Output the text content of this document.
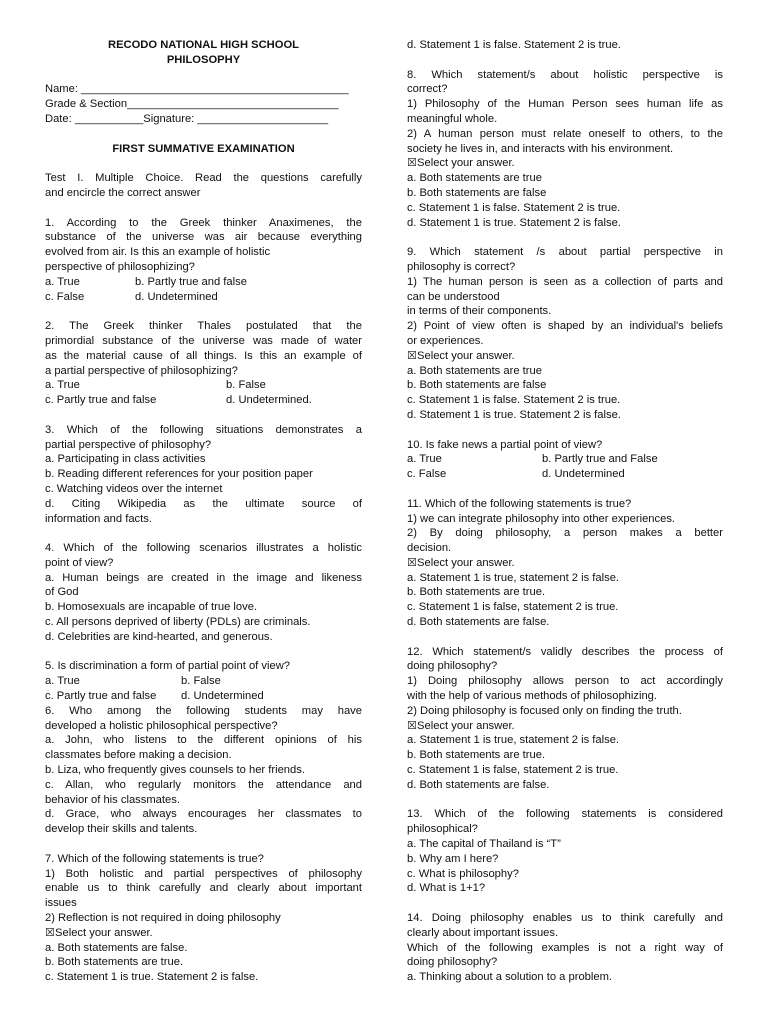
RECODO NATIONAL HIGH SCHOOL
PHILOSOPHY
Name: ___________________________________________
Grade & Section__________________________________
Date: ___________Signature: _____________________
FIRST SUMMATIVE EXAMINATION
Test I. Multiple Choice. Read the questions carefully
and encircle the correct answer
1. According to the Greek thinker Anaximenes, the
substance of the universe was air because everything
evolved from air. Is this an example of holistic
perspective of philosophizing?
a. True	b. Partly true and false
c. False	d. Undetermined
2. The Greek thinker Thales postulated that the
primordial substance of the universe was made of water
as the material cause of all things. Is this an example of
a partial perspective of philosophizing?
a. True	b. False
c. Partly true and false	d. Undetermined.
3. Which of the following situations demonstrates a
partial perspective of philosophy?
a. Participating in class activities
b. Reading different references for your position paper
c. Watching videos over the internet
d. Citing Wikipedia as the ultimate source of
information and facts.
4. Which of the following scenarios illustrates a holistic
point of view?
a. Human beings are created in the image and likeness
of God
b. Homosexuals are incapable of true love.
c. All persons deprived of liberty (PDLs) are criminals.
d. Celebrities are kind-hearted, and generous.
5. Is discrimination a form of partial point of view?
a. True	b. False
c. Partly true and false	d. Undetermined
6. Who among the following students may have
developed a holistic philosophical perspective?
a. John, who listens to the different opinions of his
classmates before making a decision.
b. Liza, who frequently gives counsels to her friends.
c. Allan, who regularly monitors the attendance and
behavior of his classmates.
d. Grace, who always encourages her classmates to
develop their skills and talents.
7. Which of the following statements is true?
1) Both holistic and partial perspectives of philosophy
enable us to think carefully and clearly about important
issues
2) Reflection is not required in doing philosophy
☒Select your answer.
a. Both statements are false.
b. Both statements are true.
c. Statement 1 is true. Statement 2 is false.
d. Statement 1 is false. Statement 2 is true.
8. Which statement/s about holistic perspective is
correct?
1) Philosophy of the Human Person sees human life as
meaningful whole.
2) A human person must relate oneself to others, to the
society he lives in, and interacts with his environment.
☒Select your answer.
a. Both statements are true
b. Both statements are false
c. Statement 1 is false. Statement 2 is true.
d. Statement 1 is true. Statement 2 is false.
9. Which statement /s about partial perspective in
philosophy is correct?
1) The human person is seen as a collection of parts and
can be understood
in terms of their components.
2) Point of view often is shaped by an individual's beliefs
or experiences.
☒Select your answer.
a. Both statements are true
b. Both statements are false
c. Statement 1 is false. Statement 2 is true.
d. Statement 1 is true. Statement 2 is false.
10. Is fake news a partial point of view?
a. True	b. Partly true and False
c. False	d. Undetermined
11. Which of the following statements is true?
1) we can integrate philosophy into other experiences.
2) By doing philosophy, a person makes a better
decision.
☒Select your answer.
a. Statement 1 is true, statement 2 is false.
b. Both statements are true.
c. Statement 1 is false, statement 2 is true.
d. Both statements are false.
12. Which statement/s validly describes the process of
doing philosophy?
1) Doing philosophy allows person to act accordingly
with the help of various methods of philosophizing.
2) Doing philosophy is focused only on finding the truth.
☒Select your answer.
a. Statement 1 is true, statement 2 is false.
b. Both statements are true.
c. Statement 1 is false, statement 2 is true.
d. Both statements are false.
13. Which of the following statements is considered
philosophical?
a. The capital of Thailand is “T”
b. Why am I here?
c. What is philosophy?
d. What is 1+1?
14. Doing philosophy enables us to think carefully and
clearly about important issues.
Which of the following examples is not a right way of
doing philosophy?
a. Thinking about a solution to a problem.
